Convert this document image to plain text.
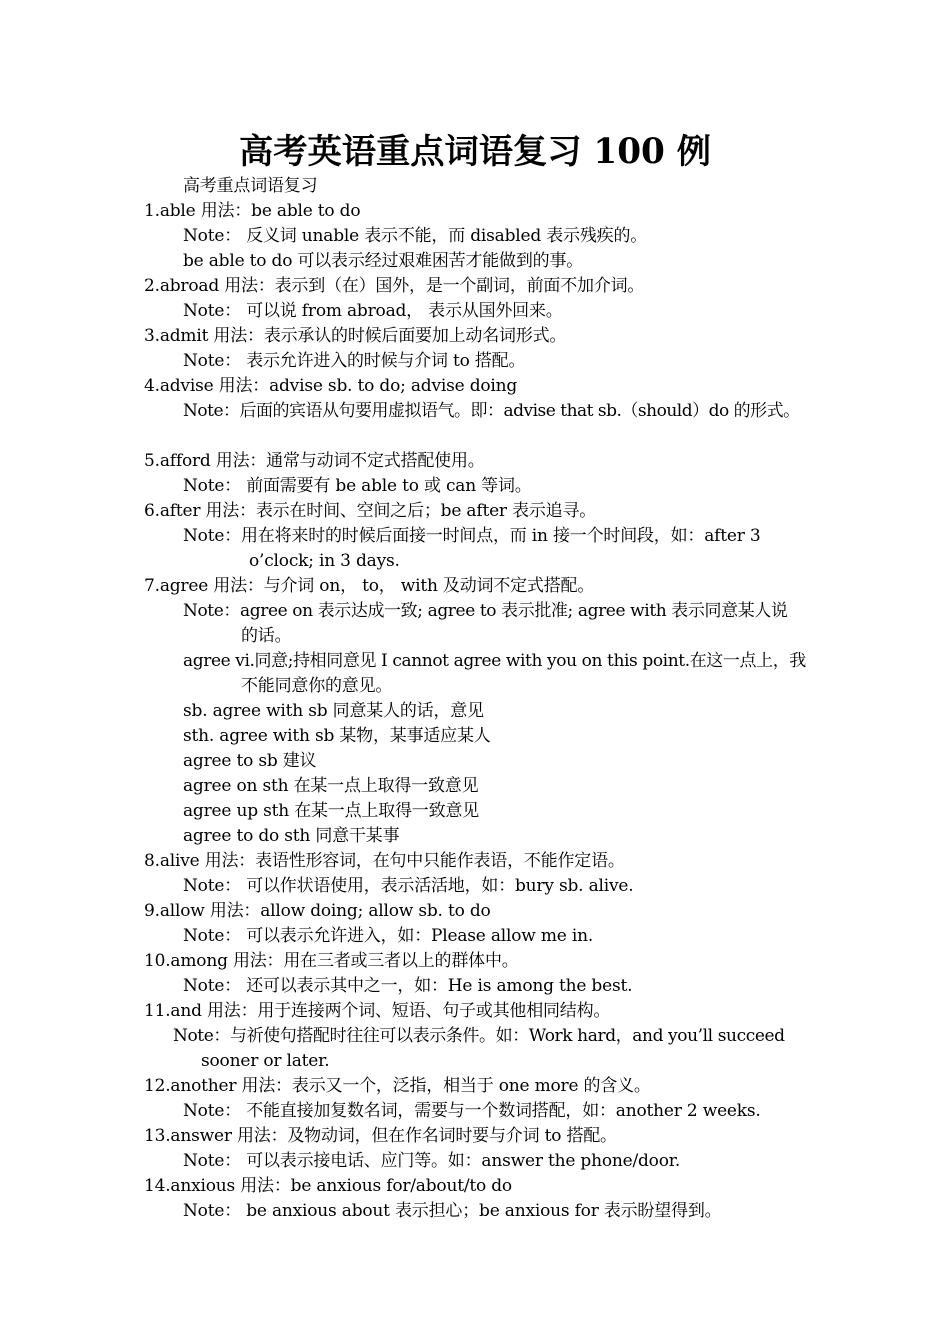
高考英语重点词语复习 100 例
高考重点词语复习
1.able 用法：be able to do
Note： 反义词 unable 表示不能，而 disabled 表示残疾的。
be able to do 可以表示经过艰难困苦才能做到的事。
2.abroad 用法：表示到（在）国外，是一个副词，前面不加介词。
Note： 可以说 from abroad， 表示从国外回来。
3.admit 用法：表示承认的时候后面要加上动名词形式。
Note： 表示允许进入的时候与介词 to 搭配。
4.advise 用法：advise sb. to do; advise doing
Note：后面的宾语从句要用虚拟语气。即：advise that sb.（should）do 的形式。
5.afford 用法：通常与动词不定式搭配使用。
Note： 前面需要有 be able to 或 can 等词。
6.after 用法：表示在时间、空间之后；be after 表示追寻。
Note：用在将来时的时候后面接一时间点，而 in 接一个时间段，如：after 3
o’clock; in 3 days.
7.agree 用法：与介词 on， to， with 及动词不定式搭配。
Note：agree on 表示达成一致; agree to 表示批准; agree with 表示同意某人说
的话。
agree vi.同意;持相同意见 I cannot agree with you on this point.在这一点上，我
不能同意你的意见。
sb. agree with sb 同意某人的话，意见
sth. agree with sb 某物，某事适应某人
agree to sb 建议
agree on sth 在某一点上取得一致意见
agree up sth 在某一点上取得一致意见
agree to do sth 同意干某事
8.alive 用法：表语性形容词，在句中只能作表语，不能作定语。
Note： 可以作状语使用，表示活活地，如：bury sb. alive.
9.allow 用法：allow doing; allow sb. to do
Note： 可以表示允许进入，如：Please allow me in.
10.among 用法：用在三者或三者以上的群体中。
Note： 还可以表示其中之一，如：He is among the best.
11.and 用法：用于连接两个词、短语、句子或其他相同结构。
Note：与祈使句搭配时往往可以表示条件。如：Work hard，and you’ll succeed
sooner or later.
12.another 用法：表示又一个，泛指，相当于 one more 的含义。
Note： 不能直接加复数名词，需要与一个数词搭配，如：another 2 weeks.
13.answer 用法：及物动词，但在作名词时要与介词 to 搭配。
Note： 可以表示接电话、应门等。如：answer the phone/door.
14.anxious 用法：be anxious for/about/to do
Note： be anxious about 表示担心；be anxious for 表示盼望得到。
